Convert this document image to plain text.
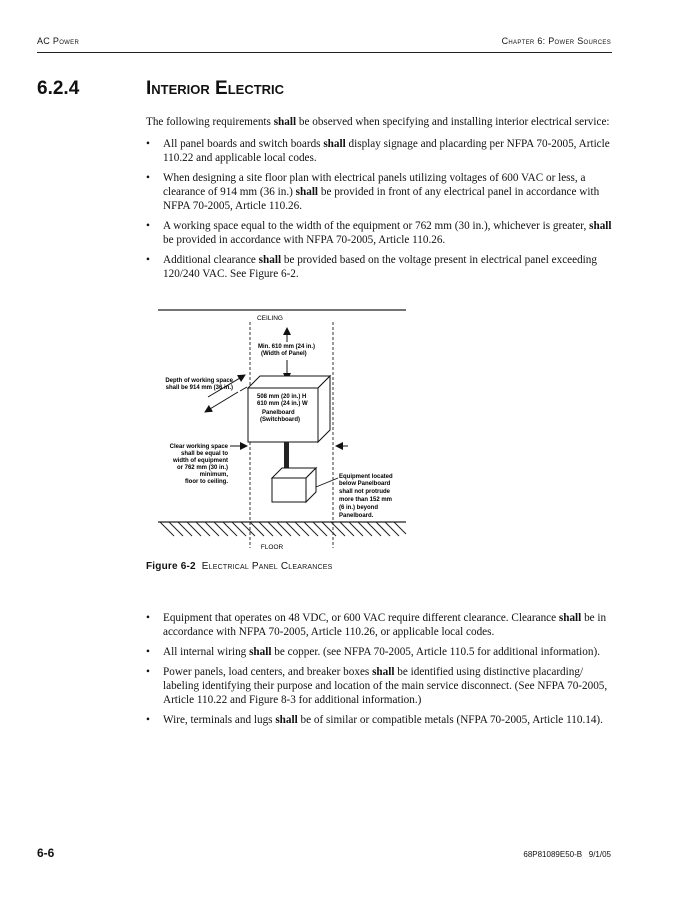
AC Power	Chapter 6: Power Sources
6.2.4	Interior Electric

The following requirements shall be observed when specifying and installing interior electrical service:

• All panel boards and switch boards shall display signage and placarding per NFPA 70-2005, Article 110.22 and applicable local codes.
• When designing a site floor plan with electrical panels utilizing voltages of 600 VAC or less, a clearance of 914 mm (36 in.) shall be provided in front of any electrical panel in accordance with NFPA 70-2005, Article 110.26.
• A working space equal to the width of the equipment or 762 mm (30 in.), whichever is greater, shall be provided in accordance with NFPA 70-2005, Article 110.26.
• Additional clearance shall be provided based on the voltage present in electrical panel exceeding 120/240 VAC. See Figure 6-2.
CEILING
Min. 610 mm (24 in.)
(Width of Panel)
508 mm (20 in.) H
610 mm (24 in.) W
Panelboard
(Switchboard)
Depth of working space
shall be 914 mm (36 in.)
Clear working space
shall be equal to
width of equipment
or 762 mm (30 in.)
minimum,
floor to ceiling.
Equipment located
below Panelboard
shall not protrude
more than 152 mm
(6 in.) beyond
Panelboard.
FLOOR
Figure 6-2 Electrical Panel Clearances
• Equipment that operates on 48 VDC, or 600 VAC require different clearance. Clearance shall be in accordance with NFPA 70-2005, Article 110.26, or applicable local codes.
• All internal wiring shall be copper. (see NFPA 70-2005, Article 110.5 for additional information).
• Power panels, load centers, and breaker boxes shall be identified using distinctive placarding/ labeling identifying their purpose and location of the main service disconnect. (See NFPA 70-2005, Article 110.22 and Figure 8-3 for additional information.)
• Wire, terminals and lugs shall be of similar or compatible metals (NFPA 70-2005, Article 110.14).
6-6	68P81089E50-B   9/1/05
